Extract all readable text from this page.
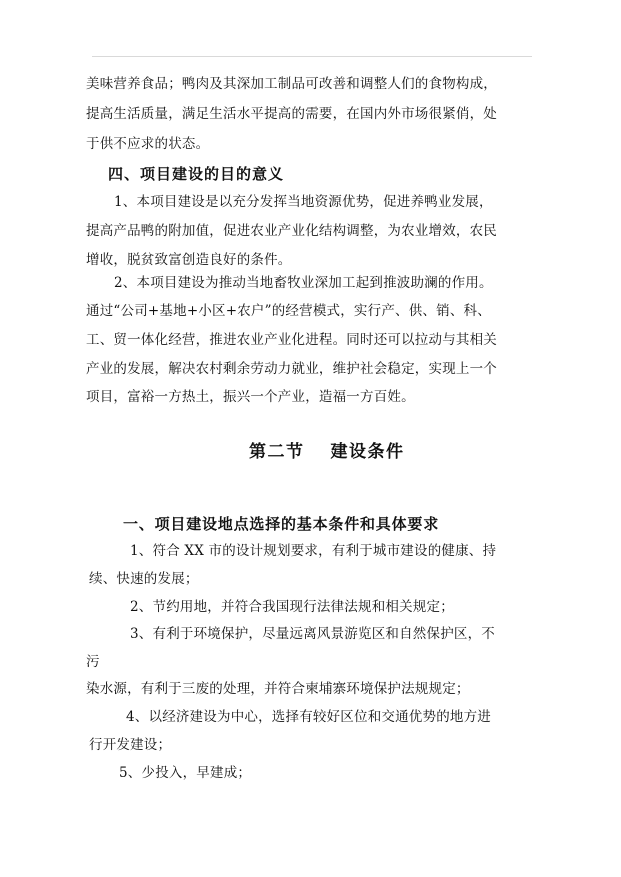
美味营养食品；鸭肉及其深加工制品可改善和调整人们的食物构成，
提高生活质量，满足生活水平提高的需要，在国内外市场很紧俏，处
于供不应求的状态。
四、项目建设的目的意义
1、本项目建设是以充分发挥当地资源优势，促进养鸭业发展，
提高产品鸭的附加值，促进农业产业化结构调整，为农业增效，农民
增收，脱贫致富创造良好的条件。
2、本项目建设为推动当地畜牧业深加工起到推波助澜的作用。
通过“公司+基地+小区+农户”的经营模式，实行产、供、销、科、
工、贸一体化经营，推进农业产业化进程。同时还可以拉动与其相关
产业的发展，解决农村剩余劳动力就业，维护社会稳定，实现上一个
项目，富裕一方热土，振兴一个产业，造福一方百姓。
第二节 建设条件
一、项目建设地点选择的基本条件和具体要求
1、符合 XX 市的设计规划要求，有利于城市建设的健康、持
续、快速的发展；
2、节约用地，并符合我国现行法律法规和相关规定；
3、有利于环境保护，尽量远离风景游览区和自然保护区，不
污
染水源，有利于三废的处理，并符合柬埔寨环境保护法规规定；
4、以经济建设为中心，选择有较好区位和交通优势的地方进
行开发建设；
5、少投入，早建成；
